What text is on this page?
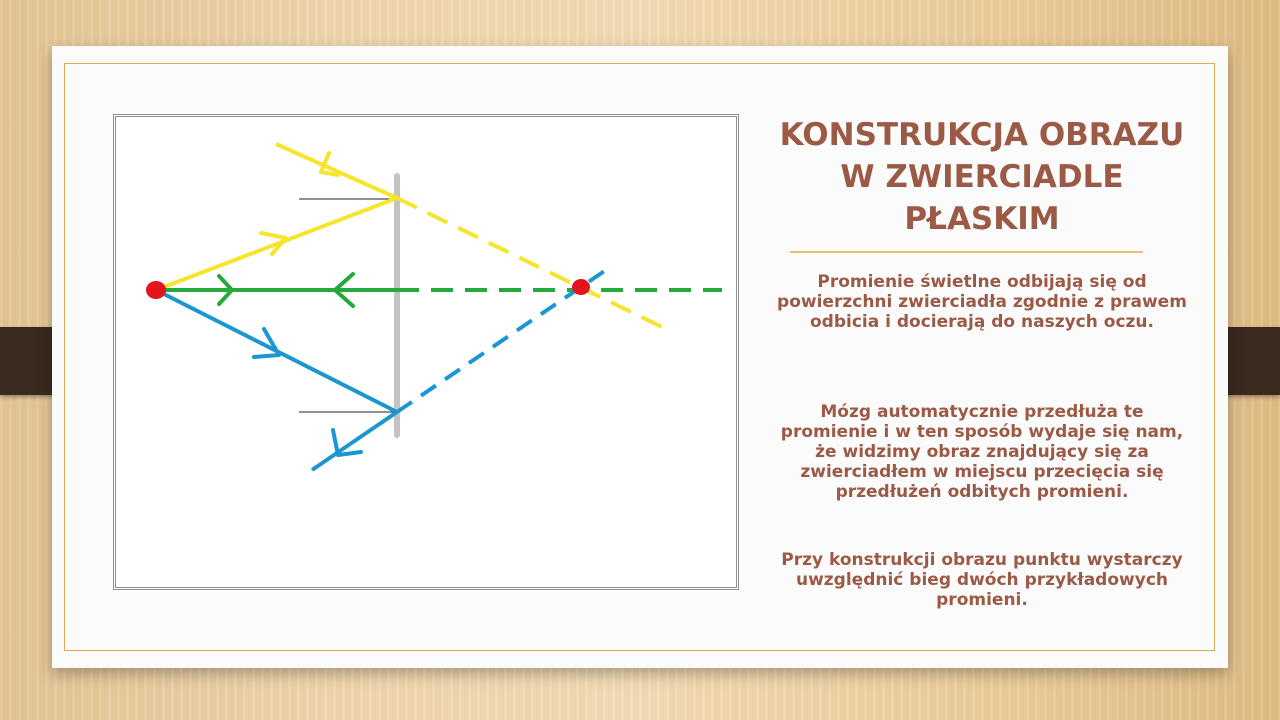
KONSTRUKCJA OBRAZU
W ZWIERCIADLE
PŁASKIM

Promienie świetlne odbijają się od powierzchni zwierciadła zgodnie z prawem odbicia i docierają do naszych oczu.

Mózg automatycznie przedłuża te promienie i w ten sposób wydaje się nam, że widzimy obraz znajdujący się za zwierciadłem w miejscu przecięcia się przedłużeń odbitych promieni.

Przy konstrukcji obrazu punktu wystarczy uwzględnić bieg dwóch przykładowych promieni.
